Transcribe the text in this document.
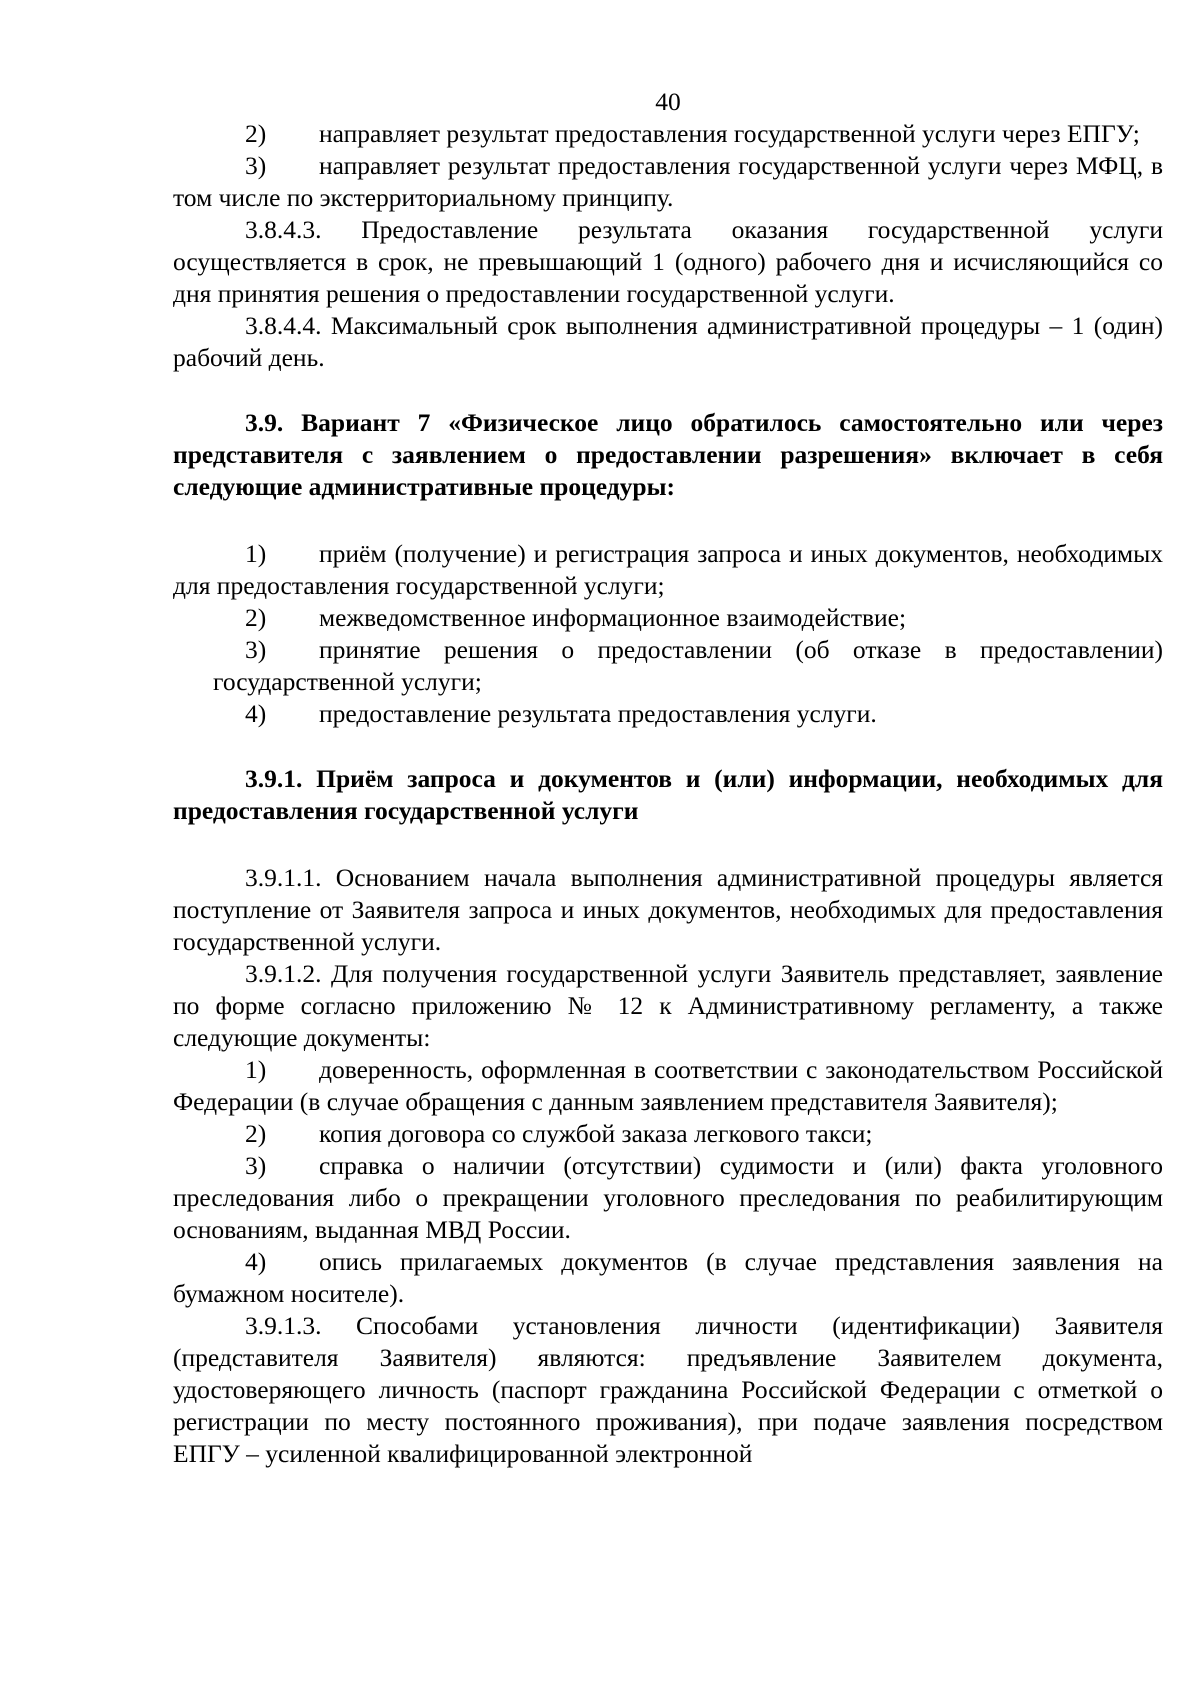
40

2) направляет результат предоставления государственной услуги через ЕПГУ;

3) направляет результат предоставления государственной услуги через МФЦ, в том числе по экстерриториальному принципу.

3.8.4.3. Предоставление результата оказания государственной услуги осуществляется в срок, не превышающий 1 (одного) рабочего дня и исчисляющийся со дня принятия решения о предоставлении государственной услуги.

3.8.4.4. Максимальный срок выполнения административной процедуры – 1 (один) рабочий день.

3.9. Вариант 7 «Физическое лицо обратилось самостоятельно или через представителя с заявлением о предоставлении разрешения» включает в себя следующие административные процедуры:

1) приём (получение) и регистрация запроса и иных документов, необходимых для предоставления государственной услуги;

2) межведомственное информационное взаимодействие;

3) принятие решения о предоставлении (об отказе в предоставлении) государственной услуги;

4) предоставление результата предоставления услуги.

3.9.1. Приём запроса и документов и (или) информации, необходимых для предоставления государственной услуги

3.9.1.1. Основанием начала выполнения административной процедуры является поступление от Заявителя запроса и иных документов, необходимых для предоставления государственной услуги.

3.9.1.2. Для получения государственной услуги Заявитель представляет, заявление по форме согласно приложению № 12 к Административному регламенту, а также следующие документы:

1) доверенность, оформленная в соответствии с законодательством Российской Федерации (в случае обращения с данным заявлением представителя Заявителя);

2) копия договора со службой заказа легкового такси;

3) справка о наличии (отсутствии) судимости и (или) факта уголовного преследования либо о прекращении уголовного преследования по реабилитирующим основаниям, выданная МВД России.

4) опись прилагаемых документов (в случае представления заявления на бумажном носителе).

3.9.1.3. Способами установления личности (идентификации) Заявителя (представителя Заявителя) являются: предъявление Заявителем документа, удостоверяющего личность (паспорт гражданина Российской Федерации с отметкой о регистрации по месту постоянного проживания), при подаче заявления посредством ЕПГУ – усиленной квалифицированной электронной
